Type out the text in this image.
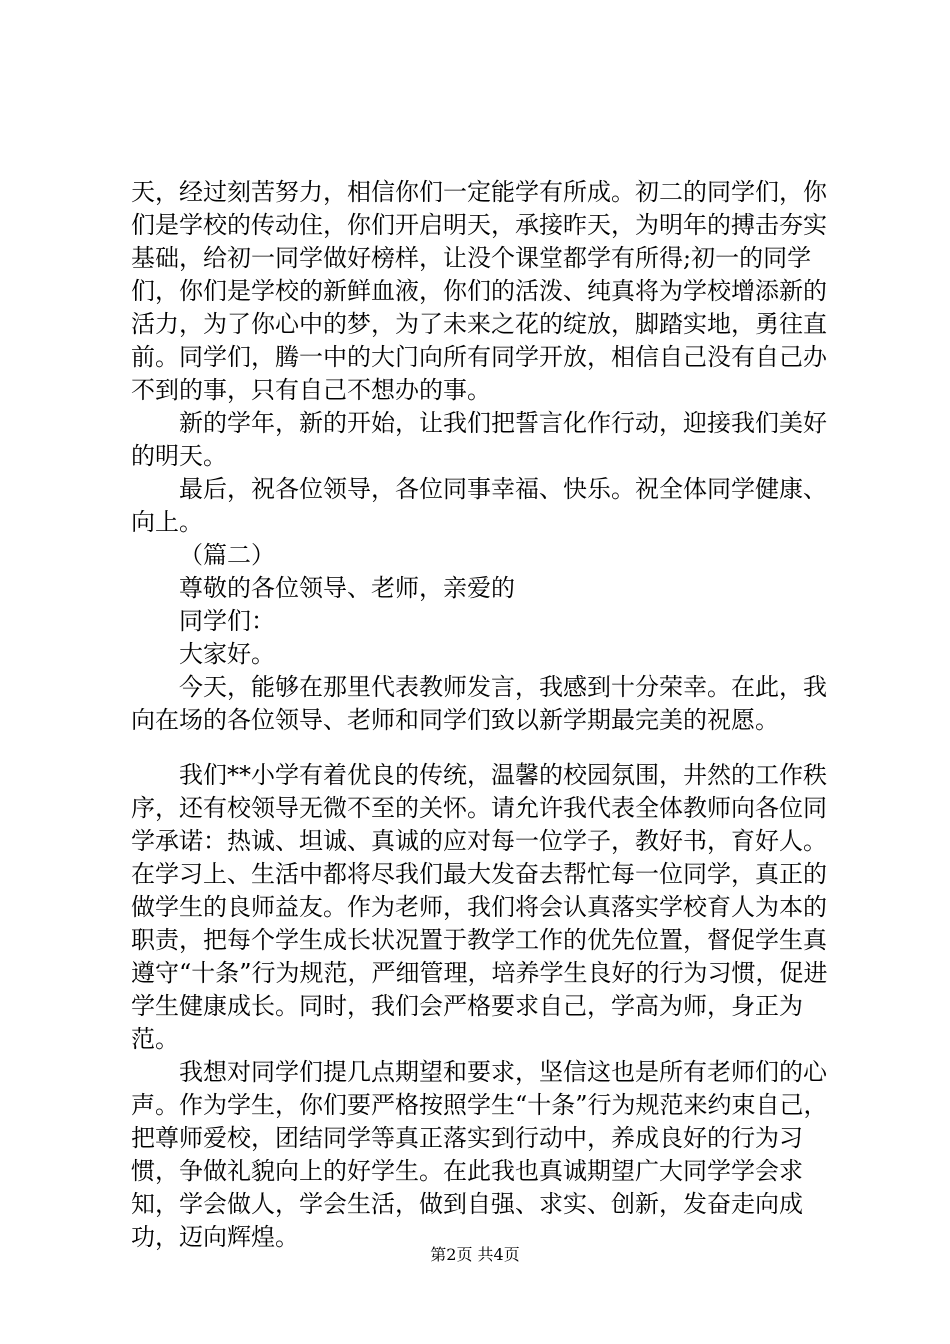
天，经过刻苦努力，相信你们一定能学有所成。初二的同学们，你们是学校的传动住，你们开启明天，承接昨天，为明年的搏击夯实基础，给初一同学做好榜样，让没个课堂都学有所得;初一的同学们，你们是学校的新鲜血液，你们的活泼、纯真将为学校增添新的活力，为了你心中的梦，为了未来之花的绽放，脚踏实地，勇往直前。同学们，腾一中的大门向所有同学开放，相信自己没有自己办不到的事，只有自己不想办的事。

新的学年，新的开始，让我们把誓言化作行动，迎接我们美好的明天。

最后，祝各位领导，各位同事幸福、快乐。祝全体同学健康、向上。

（篇二）

尊敬的各位领导、老师，亲爱的

同学们：

大家好。

今天，能够在那里代表教师发言，我感到十分荣幸。在此，我向在场的各位领导、老师和同学们致以新学期最完美的祝愿。

我们**小学有着优良的传统，温馨的校园氛围，井然的工作秩序，还有校领导无微不至的关怀。请允许我代表全体教师向各位同学承诺：热诚、坦诚、真诚的应对每一位学子，教好书，育好人。在学习上、生活中都将尽我们最大发奋去帮忙每一位同学，真正的做学生的良师益友。作为老师，我们将会认真落实学校育人为本的职责，把每个学生成长状况置于教学工作的优先位置，督促学生真遵守“十条”行为规范，严细管理，培养学生良好的行为习惯，促进学生健康成长。同时，我们会严格要求自己，学高为师，身正为范。

我想对同学们提几点期望和要求，坚信这也是所有老师们的心声。作为学生，你们要严格按照学生“十条”行为规范来约束自己，把尊师爱校，团结同学等真正落实到行动中，养成良好的行为习惯，争做礼貌向上的好学生。在此我也真诚期望广大同学学会求知，学会做人，学会生活，做到自强、求实、创新，发奋走向成功，迈向辉煌。

第2页 共4页
